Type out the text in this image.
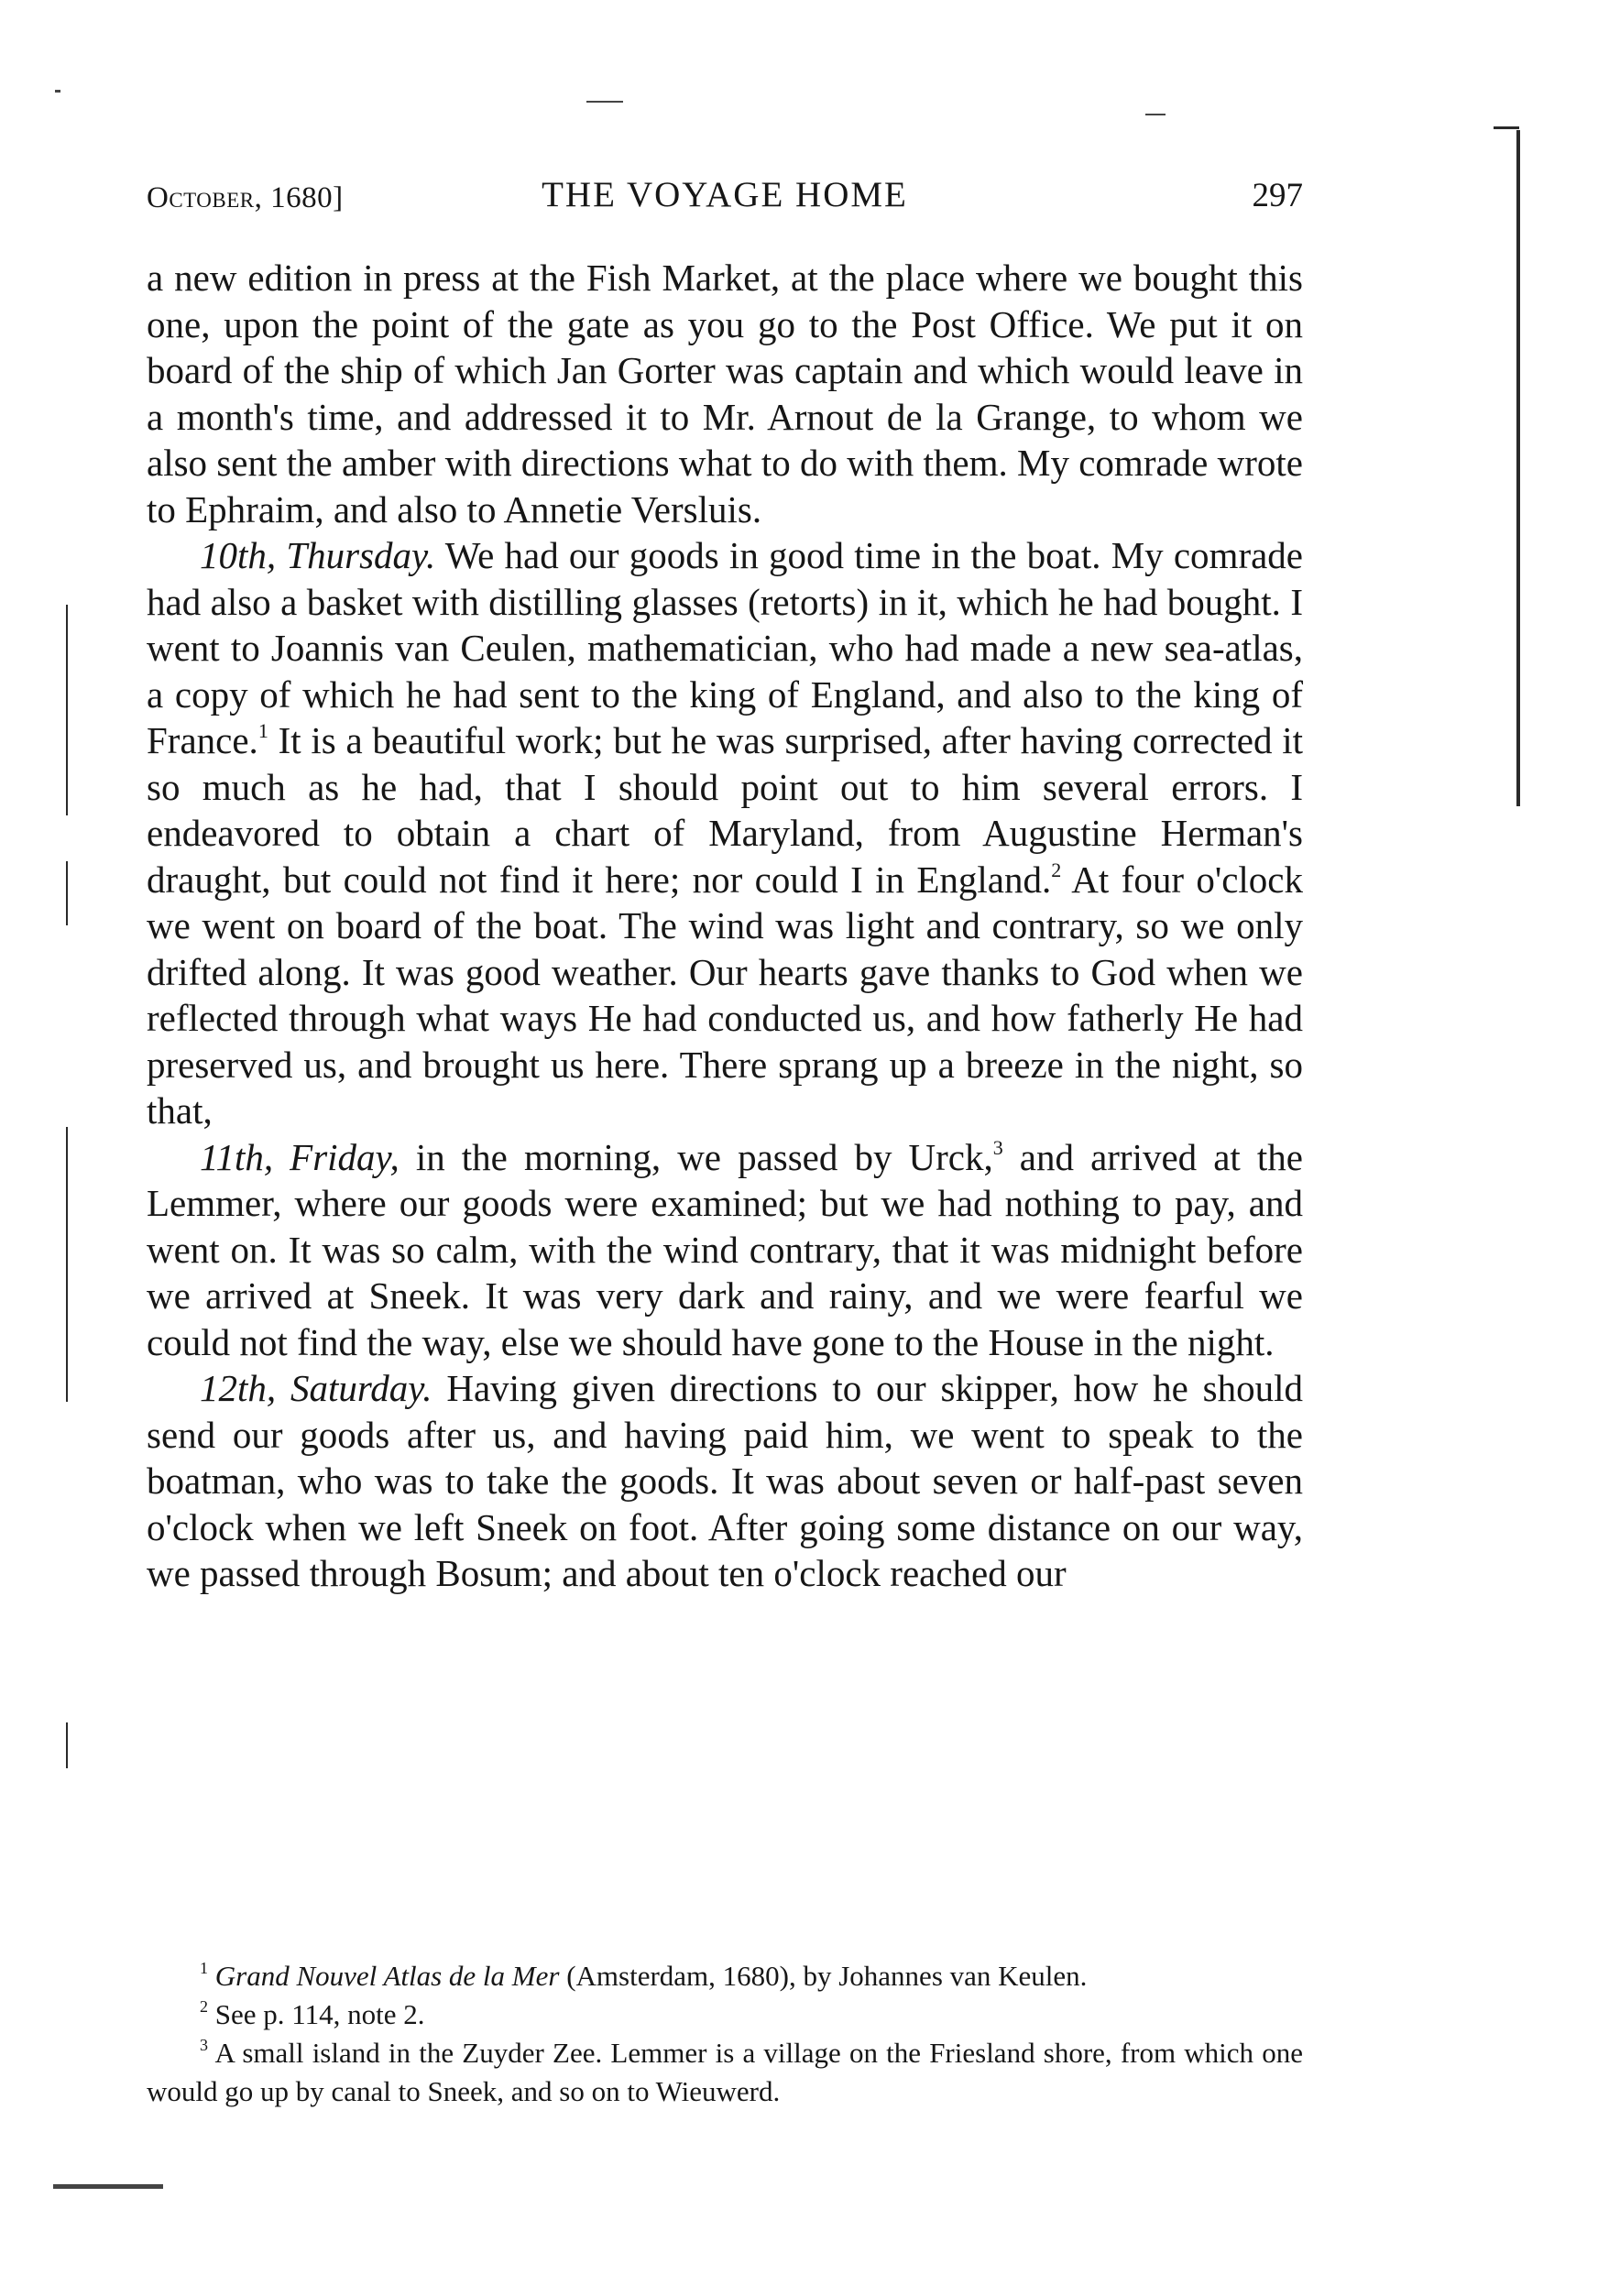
October, 1680]	THE VOYAGE HOME	297

a new edition in press at the Fish Market, at the place where we bought this one, upon the point of the gate as you go to the Post Office. We put it on board of the ship of which Jan Gorter was captain and which would leave in a month's time, and addressed it to Mr. Arnout de la Grange, to whom we also sent the amber with directions what to do with them. My comrade wrote to Ephraim, and also to Annetie Versluis.

10th, Thursday. We had our goods in good time in the boat. My comrade had also a basket with distilling glasses (retorts) in it, which he had bought. I went to Joannis van Ceulen, mathematician, who had made a new sea-atlas, a copy of which he had sent to the king of England, and also to the king of France.$^1$ It is a beautiful work; but he was surprised, after having corrected it so much as he had, that I should point out to him several errors. I endeavored to obtain a chart of Maryland, from Augustine Herman's draught, but could not find it here; nor could I in England.$^2$ At four o'clock we went on board of the boat. The wind was light and contrary, so we only drifted along. It was good weather. Our hearts gave thanks to God when we reflected through what ways He had conducted us, and how fatherly He had preserved us, and brought us here. There sprang up a breeze in the night, so that,

11th, Friday, in the morning, we passed by Urck,$^3$ and arrived at the Lemmer, where our goods were examined; but we had nothing to pay, and went on. It was so calm, with the wind contrary, that it was midnight before we arrived at Sneek. It was very dark and rainy, and we were fearful we could not find the way, else we should have gone to the House in the night.

12th, Saturday. Having given directions to our skipper, how he should send our goods after us, and having paid him, we went to speak to the boatman, who was to take the goods. It was about seven or half-past seven o'clock when we left Sneek on foot. After going some distance on our way, we passed through Bosum; and about ten o'clock reached our

$^1$ Grand Nouvel Atlas de la Mer (Amsterdam, 1680), by Johannes van Keulen.

$^2$ See p. 114, note 2.

$^3$ A small island in the Zuyder Zee. Lemmer is a village on the Friesland shore, from which one would go up by canal to Sneek, and so on to Wieuwerd.
